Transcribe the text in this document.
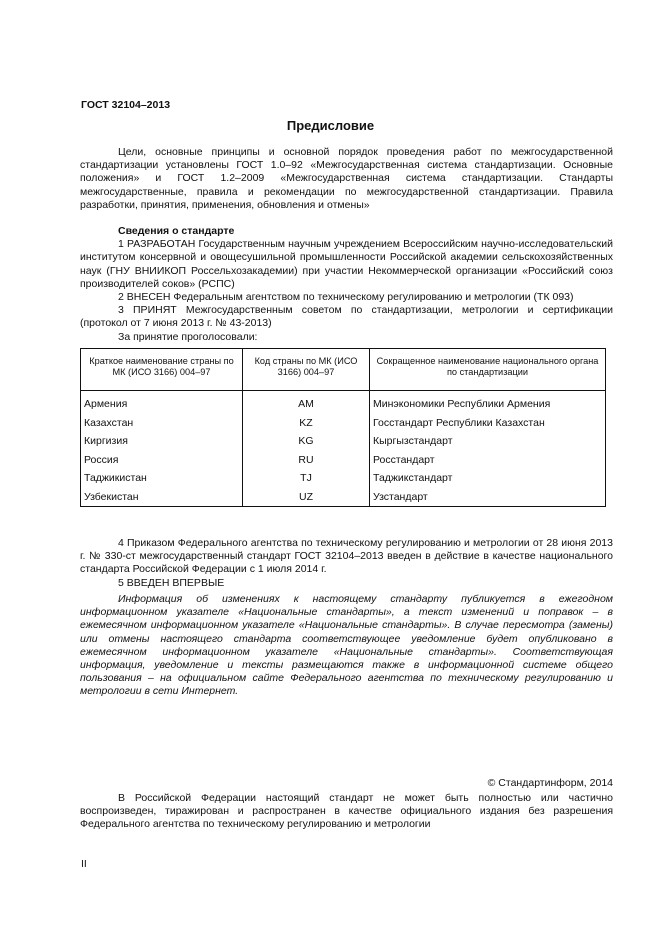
ГОСТ 32104–2013
Предисловие

Цели, основные принципы и основной порядок проведения работ по межгосударственной стандартизации установлены ГОСТ 1.0–92 «Межгосударственная система стандартизации. Основные положения» и ГОСТ 1.2–2009 «Межгосударственная система стандартизации. Стандарты межгосударственные, правила и рекомендации по межгосударственной стандартизации. Правила разработки, принятия, применения, обновления и отмены»

Сведения о стандарте

1 РАЗРАБОТАН Государственным научным учреждением Всероссийским научно-исследовательский институтом консервной и овощесушильной промышленности Российской академии сельскохозяйственных наук (ГНУ ВНИИКОП Россельхозакадемии) при участии Некоммерческой организации «Российский союз производителей соков» (РСПС)

2 ВНЕСЕН Федеральным агентством по техническому регулированию и метрологии (ТК 093)

3 ПРИНЯТ Межгосударственным советом по стандартизации, метрологии и сертификации (протокол от 7 июня 2013 г. № 43-2013)

За принятие проголосовали:

Краткое наименование страны по МК (ИСО 3166) 004–97	Код страны по МК (ИСО 3166) 004–97	Сокращенное наименование национального органа по стандартизации
Армения	AM	Минэкономики Республики Армения
Казахстан	KZ	Госстандарт Республики Казахстан
Киргизия	KG	Кыргызстандарт
Россия	RU	Росстандарт
Таджикистан	TJ	Таджикстандарт
Узбекистан	UZ	Узстандарт

4 Приказом Федерального агентства по техническому регулированию и метрологии от 28 июня 2013 г. № 330-ст межгосударственный стандарт ГОСТ 32104–2013 введен в действие в качестве национального стандарта Российской Федерации с 1 июля 2014 г.

5 ВВЕДЕН ВПЕРВЫЕ

Информация об изменениях к настоящему стандарту публикуется в ежегодном информационном указателе «Национальные стандарты», а текст изменений и поправок – в ежемесячном информационном указателе «Национальные стандарты». В случае пересмотра (замены) или отмены настоящего стандарта соответствующее уведомление будет опубликовано в ежемесячном информационном указателе «Национальные стандарты». Соответствующая информация, уведомление и тексты размещаются также в информационной системе общего пользования – на официальном сайте Федерального агентства по техническому регулированию и метрологии в сети Интернет.

© Стандартинформ, 2014

В Российской Федерации настоящий стандарт не может быть полностью или частично воспроизведен, тиражирован и распространен в качестве официального издания без разрешения Федерального агентства по техническому регулированию и метрологии

II
